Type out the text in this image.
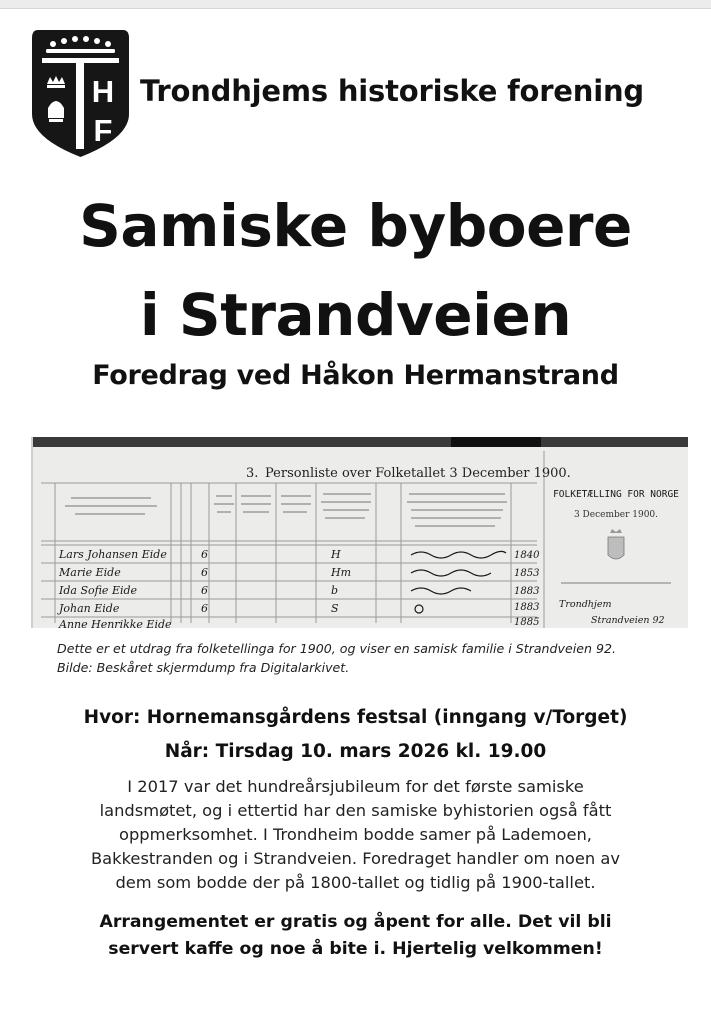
H
F
T
Trondhjems historiske forening
Samiske byboere
i Strandveien
Foredrag ved Håkon Hermanstrand
3. Personliste over Folketallet 3 December 1900.
Lars Johansen Eide
Marie Eide
Ida Sofie Eide
Johan Eide
Anne Henrikke Eide
6
6
6
6
H
Hm
b
S
1840
1853
1883
1883
1885
FOLKETÆLLING FOR NORGE
3 December 1900.
Trondhjem
Strandveien 92
Dette er et utdrag fra folketellinga for 1900, og viser en samisk familie i Strandveien 92.
Bilde: Beskåret skjermdump fra Digitalarkivet.
Hvor: Hornemansgårdens festsal (inngang v/Torget)
Når: Tirsdag 10. mars 2026 kl. 19.00
I 2017 var det hundreårsjubileum for det første samiske
landsmøtet, og i ettertid har den samiske byhistorien også fått
oppmerksomhet. I Trondheim bodde samer på Lademoen,
Bakkestranden og i Strandveien. Foredraget handler om noen av
dem som bodde der på 1800-tallet og tidlig på 1900-tallet.
Arrangementet er gratis og åpent for alle. Det vil bli
servert kaffe og noe å bite i. Hjertelig velkommen!
